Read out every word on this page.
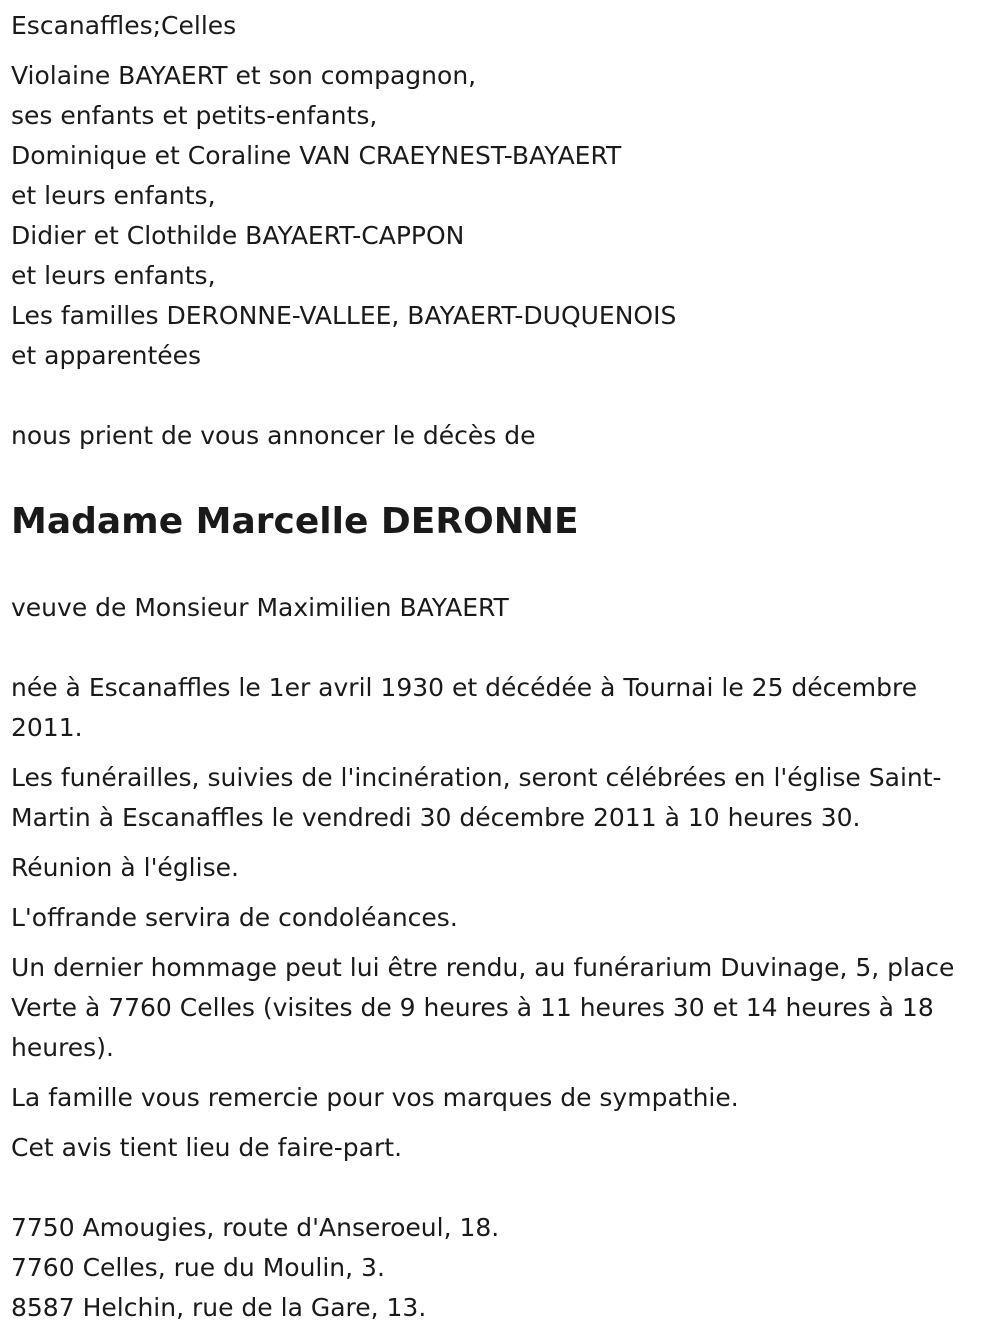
Escanaffles;Celles

Violaine BAYAERT et son compagnon,

ses enfants et petits-enfants,

Dominique et Coraline VAN CRAEYNEST-BAYAERT

et leurs enfants,

Didier et Clothilde BAYAERT-CAPPON

et leurs enfants,

Les familles DERONNE-VALLEE, BAYAERT-DUQUENOIS

et apparentées

nous prient de vous annoncer le décès de

Madame Marcelle DERONNE

veuve de Monsieur Maximilien BAYAERT

née à Escanaffles le 1er avril 1930 et décédée à Tournai le 25 décembre 2011.

Les funérailles, suivies de l'incinération, seront célébrées en l'église Saint-Martin à Escanaffles le vendredi 30 décembre 2011 à 10 heures 30.

Réunion à l'église.

L'offrande servira de condoléances.

Un dernier hommage peut lui être rendu, au funérarium Duvinage, 5, place Verte à 7760 Celles (visites de 9 heures à 11 heures 30 et 14 heures à 18 heures).

La famille vous remercie pour vos marques de sympathie.

Cet avis tient lieu de faire-part.

7750 Amougies, route d'Anseroeul, 18.

7760 Celles, rue du Moulin, 3.

8587 Helchin, rue de la Gare, 13.
